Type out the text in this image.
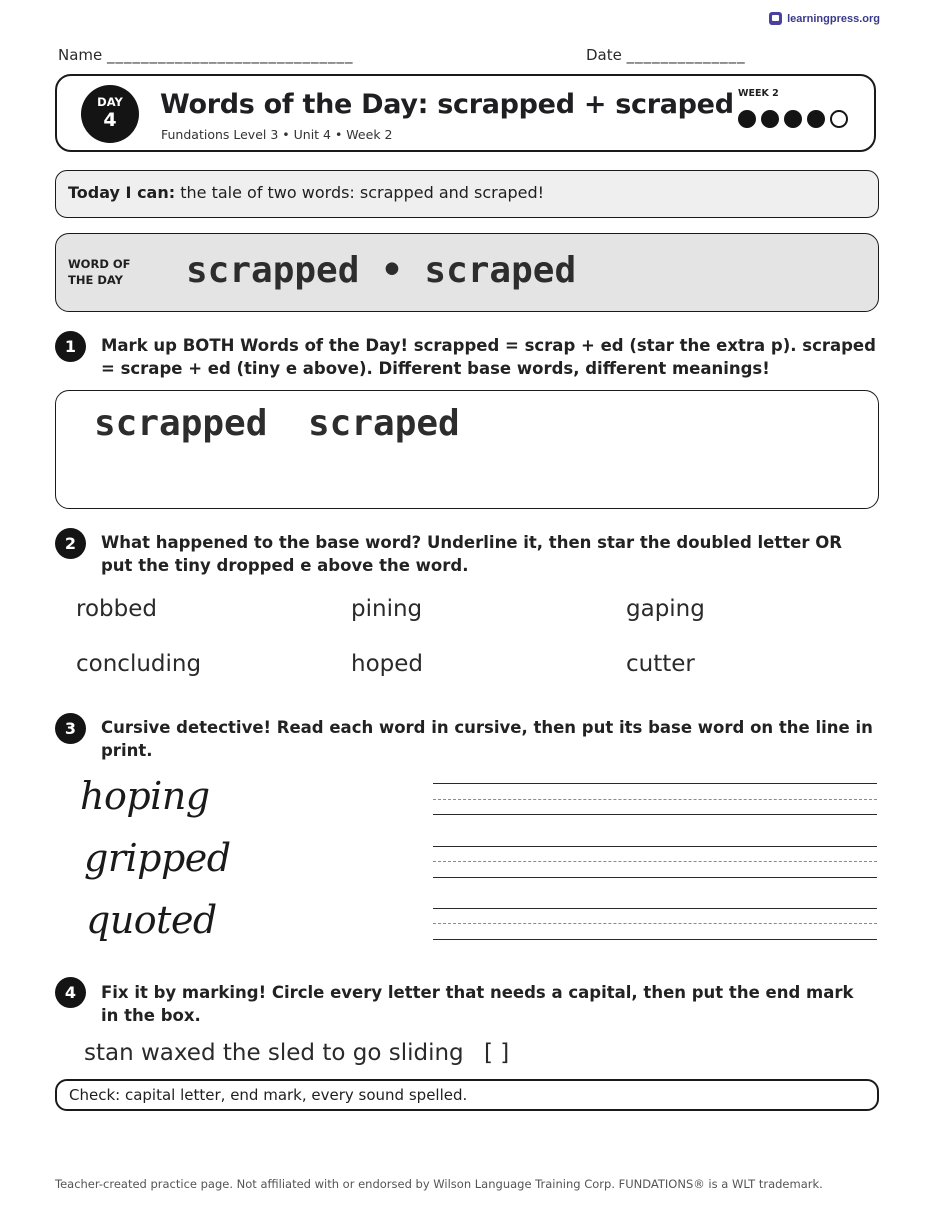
learningpress.org
Name _____________________________	Date ______________
DAY
4	Words of the Day: scrapped + scraped
Fundations Level 3 • Unit 4 • Week 2
WEEK 2
Today I can: the tale of two words: scrapped and scraped!
WORD OF
THE DAY	scrapped • scraped
1	Mark up BOTH Words of the Day! scrapped = scrap + ed (star the extra p). scraped = scrape + ed (tiny e above). Different base words, different meanings!
scrapped scraped
2	What happened to the base word? Underline it, then star the doubled letter OR put the tiny dropped e above the word.
robbed	pining	gaping
concluding	hoped	cutter
3	Cursive detective! Read each word in cursive, then put its base word on the line in print.
hoping
gripped
quoted
4	Fix it by marking! Circle every letter that needs a capital, then put the end mark in the box.
stan waxed the sled to go sliding [ ]
Check: capital letter, end mark, every sound spelled.
Teacher-created practice page. Not affiliated with or endorsed by Wilson Language Training Corp. FUNDATIONS® is a WLT trademark.
